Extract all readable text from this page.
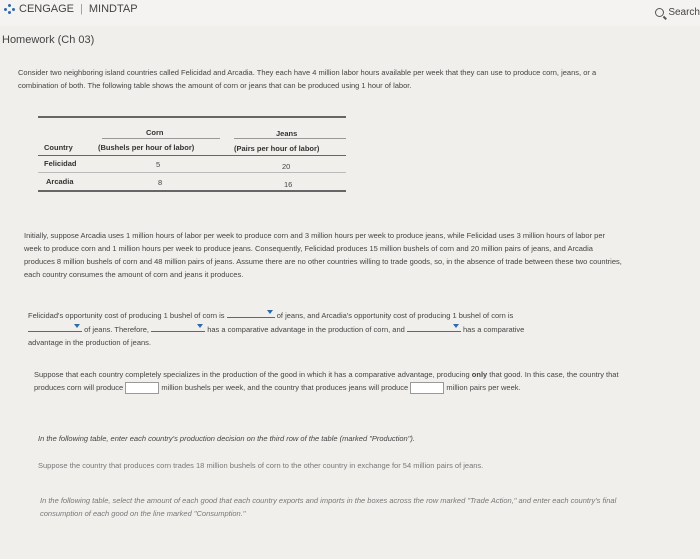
CENGAGE | MINDTAP	Search
Homework (Ch 03)
Consider two neighboring island countries called Felicidad and Arcadia. They each have 4 million labor hours available per week that they can use to produce corn, jeans, or a combination of both. The following table shows the amount of corn or jeans that can be produced using 1 hour of labor.
Corn	Jeans
Country	(Bushels per hour of labor)	(Pairs per hour of labor)
Felicidad	5	20
Arcadia	8	16
Initially, suppose Arcadia uses 1 million hours of labor per week to produce corn and 3 million hours per week to produce jeans, while Felicidad uses 3 million hours of labor per week to produce corn and 1 million hours per week to produce jeans. Consequently, Felicidad produces 15 million bushels of corn and 20 million pairs of jeans, and Arcadia produces 8 million bushels of corn and 48 million pairs of jeans. Assume there are no other countries willing to trade goods, so, in the absence of trade between these two countries, each country consumes the amount of corn and jeans it produces.
Felicidad's opportunity cost of producing 1 bushel of corn is	of jeans, and Arcadia's opportunity cost of producing 1 bushel of corn is

of jeans. Therefore,	has a comparative advantage in the production of corn, and	has a comparative
advantage in the production of jeans.
Suppose that each country completely specializes in the production of the good in which it has a comparative advantage, producing only that good. In this case, the country that produces corn will produce	million bushels per week, and the country that produces jeans will produce	million pairs per week.
In the following table, enter each country's production decision on the third row of the table (marked "Production").
Suppose the country that produces corn trades 18 million bushels of corn to the other country in exchange for 54 million pairs of jeans.
In the following table, select the amount of each good that each country exports and imports in the boxes across the row marked "Trade Action," and enter each country's final consumption of each good on the line marked "Consumption."
